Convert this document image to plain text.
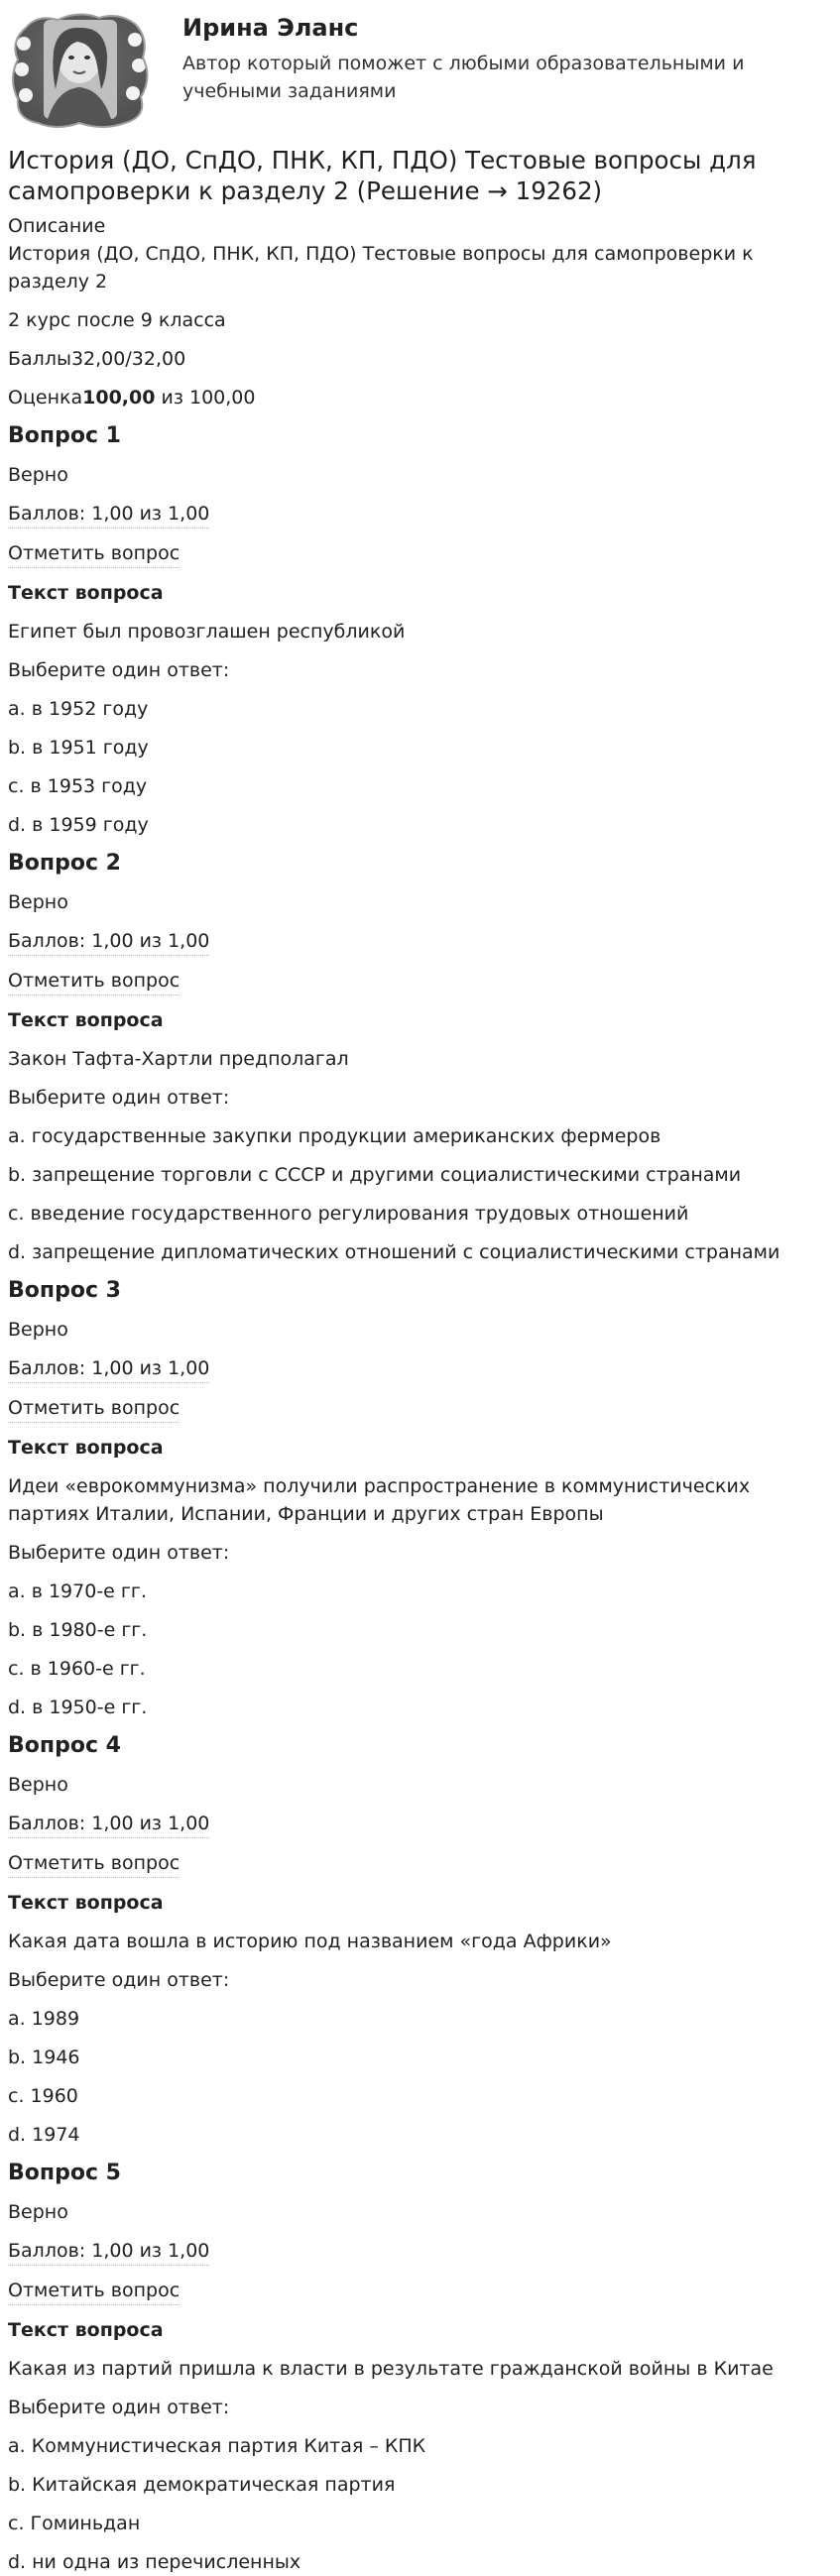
Ирина Эланс
Автор который поможет с любыми образовательными и учебными заданиями
История (ДО, СпДО, ПНК, КП, ПДО) Тестовые вопросы для самопроверки к разделу 2 (Решение → 19262)
Описание
История (ДО, СпДО, ПНК, КП, ПДО) Тестовые вопросы для самопроверки к разделу 2
2 курс после 9 класса
Баллы32,00/32,00
Оценка100,00 из 100,00
Вопрос 1
Верно
Баллов: 1,00 из 1,00
Отметить вопрос
Текст вопроса
Египет был провозглашен республикой
Выберите один ответ:
a. в 1952 году
b. в 1951 году
c. в 1953 году
d. в 1959 году
Вопрос 2
Верно
Баллов: 1,00 из 1,00
Отметить вопрос
Текст вопроса
Закон Тафта-Хартли предполагал
Выберите один ответ:
a. государственные закупки продукции американских фермеров
b. запрещение торговли с СССР и другими социалистическими странами
c. введение государственного регулирования трудовых отношений
d. запрещение дипломатических отношений с социалистическими странами
Вопрос 3
Верно
Баллов: 1,00 из 1,00
Отметить вопрос
Текст вопроса
Идеи «еврокоммунизма» получили распространение в коммунистических партиях Италии, Испании, Франции и других стран Европы
Выберите один ответ:
a. в 1970-е гг.
b. в 1980-е гг.
c. в 1960-е гг.
d. в 1950-е гг.
Вопрос 4
Верно
Баллов: 1,00 из 1,00
Отметить вопрос
Текст вопроса
Какая дата вошла в историю под названием «года Африки»
Выберите один ответ:
a. 1989
b. 1946
c. 1960
d. 1974
Вопрос 5
Верно
Баллов: 1,00 из 1,00
Отметить вопрос
Текст вопроса
Какая из партий пришла к власти в результате гражданской войны в Китае
Выберите один ответ:
a. Коммунистическая партия Китая – КПК
b. Китайская демократическая партия
c. Гоминьдан
d. ни одна из перечисленных
